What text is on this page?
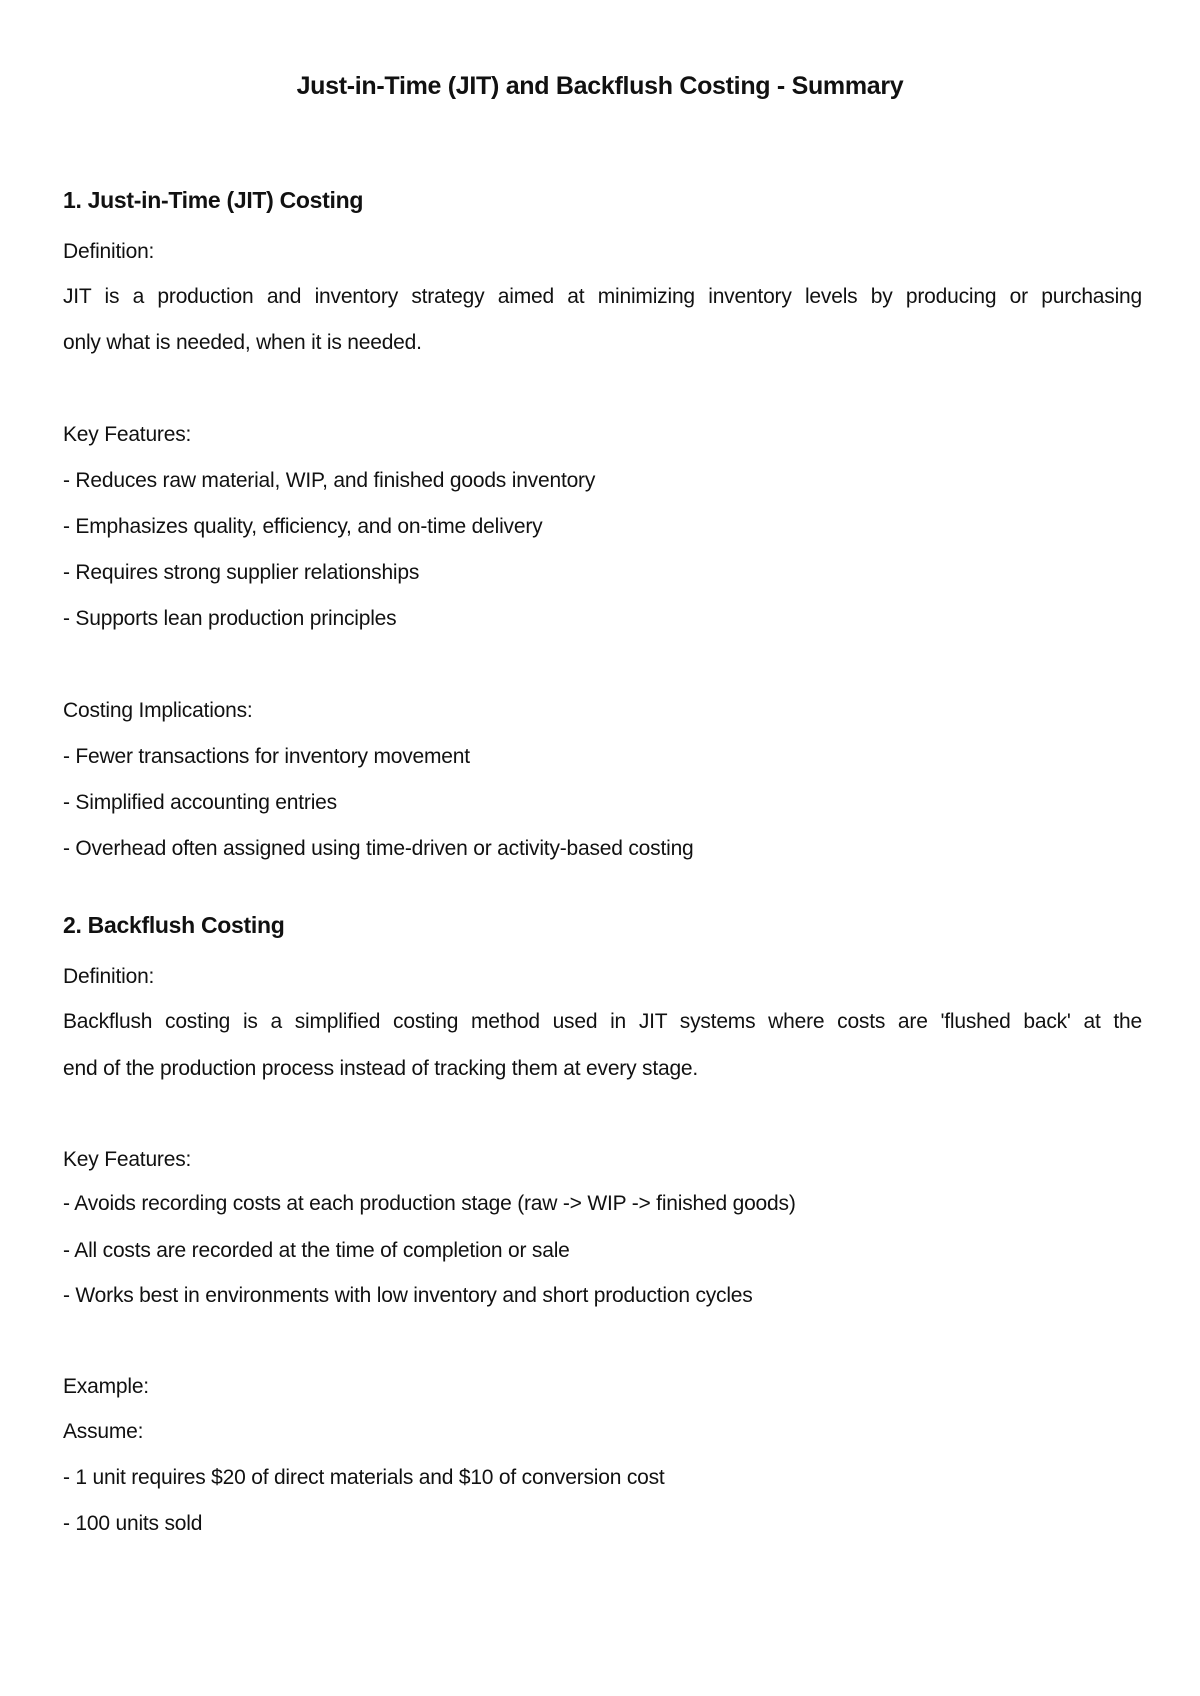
Just-in-Time (JIT) and Backflush Costing - Summary
1. Just-in-Time (JIT) Costing
Definition:
JIT is a production and inventory strategy aimed at minimizing inventory levels by producing or purchasing
only what is needed, when it is needed.
Key Features:
- Reduces raw material, WIP, and finished goods inventory
- Emphasizes quality, efficiency, and on-time delivery
- Requires strong supplier relationships
- Supports lean production principles
Costing Implications:
- Fewer transactions for inventory movement
- Simplified accounting entries
- Overhead often assigned using time-driven or activity-based costing
2. Backflush Costing
Definition:
Backflush costing is a simplified costing method used in JIT systems where costs are 'flushed back' at the
end of the production process instead of tracking them at every stage.
Key Features:
- Avoids recording costs at each production stage (raw -> WIP -> finished goods)
- All costs are recorded at the time of completion or sale
- Works best in environments with low inventory and short production cycles
Example:
Assume:
- 1 unit requires $20 of direct materials and $10 of conversion cost
- 100 units sold
